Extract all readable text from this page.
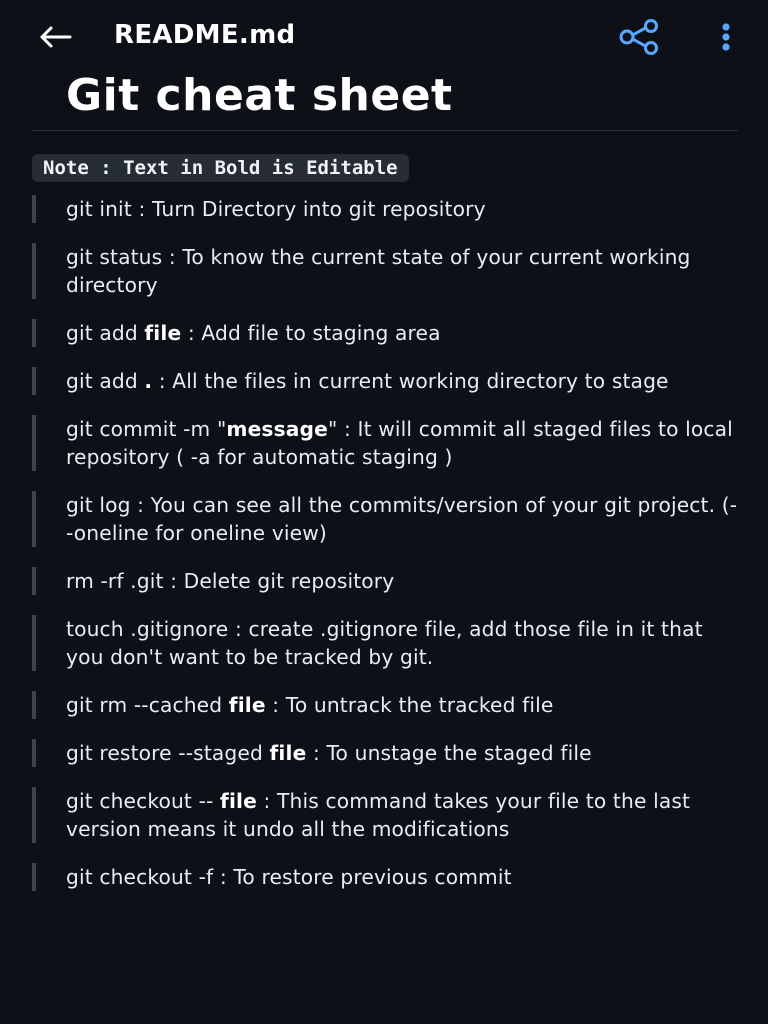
README.md
Git cheat sheet
Note : Text in Bold is Editable
git init : Turn Directory into git repository
git status : To know the current state of your current working directory
git add file : Add file to staging area
git add . : All the files in current working directory to stage
git commit -m "message" : It will commit all staged files to local repository ( -a for automatic staging )
git log : You can see all the commits/version of your git project. (--oneline for oneline view)
rm -rf .git : Delete git repository
touch .gitignore : create .gitignore file, add those file in it that you don't want to be tracked by git.
git rm --cached file : To untrack the tracked file
git restore --staged file : To unstage the staged file
git checkout -- file : This command takes your file to the last version means it undo all the modifications
git checkout -f : To restore previous commit
